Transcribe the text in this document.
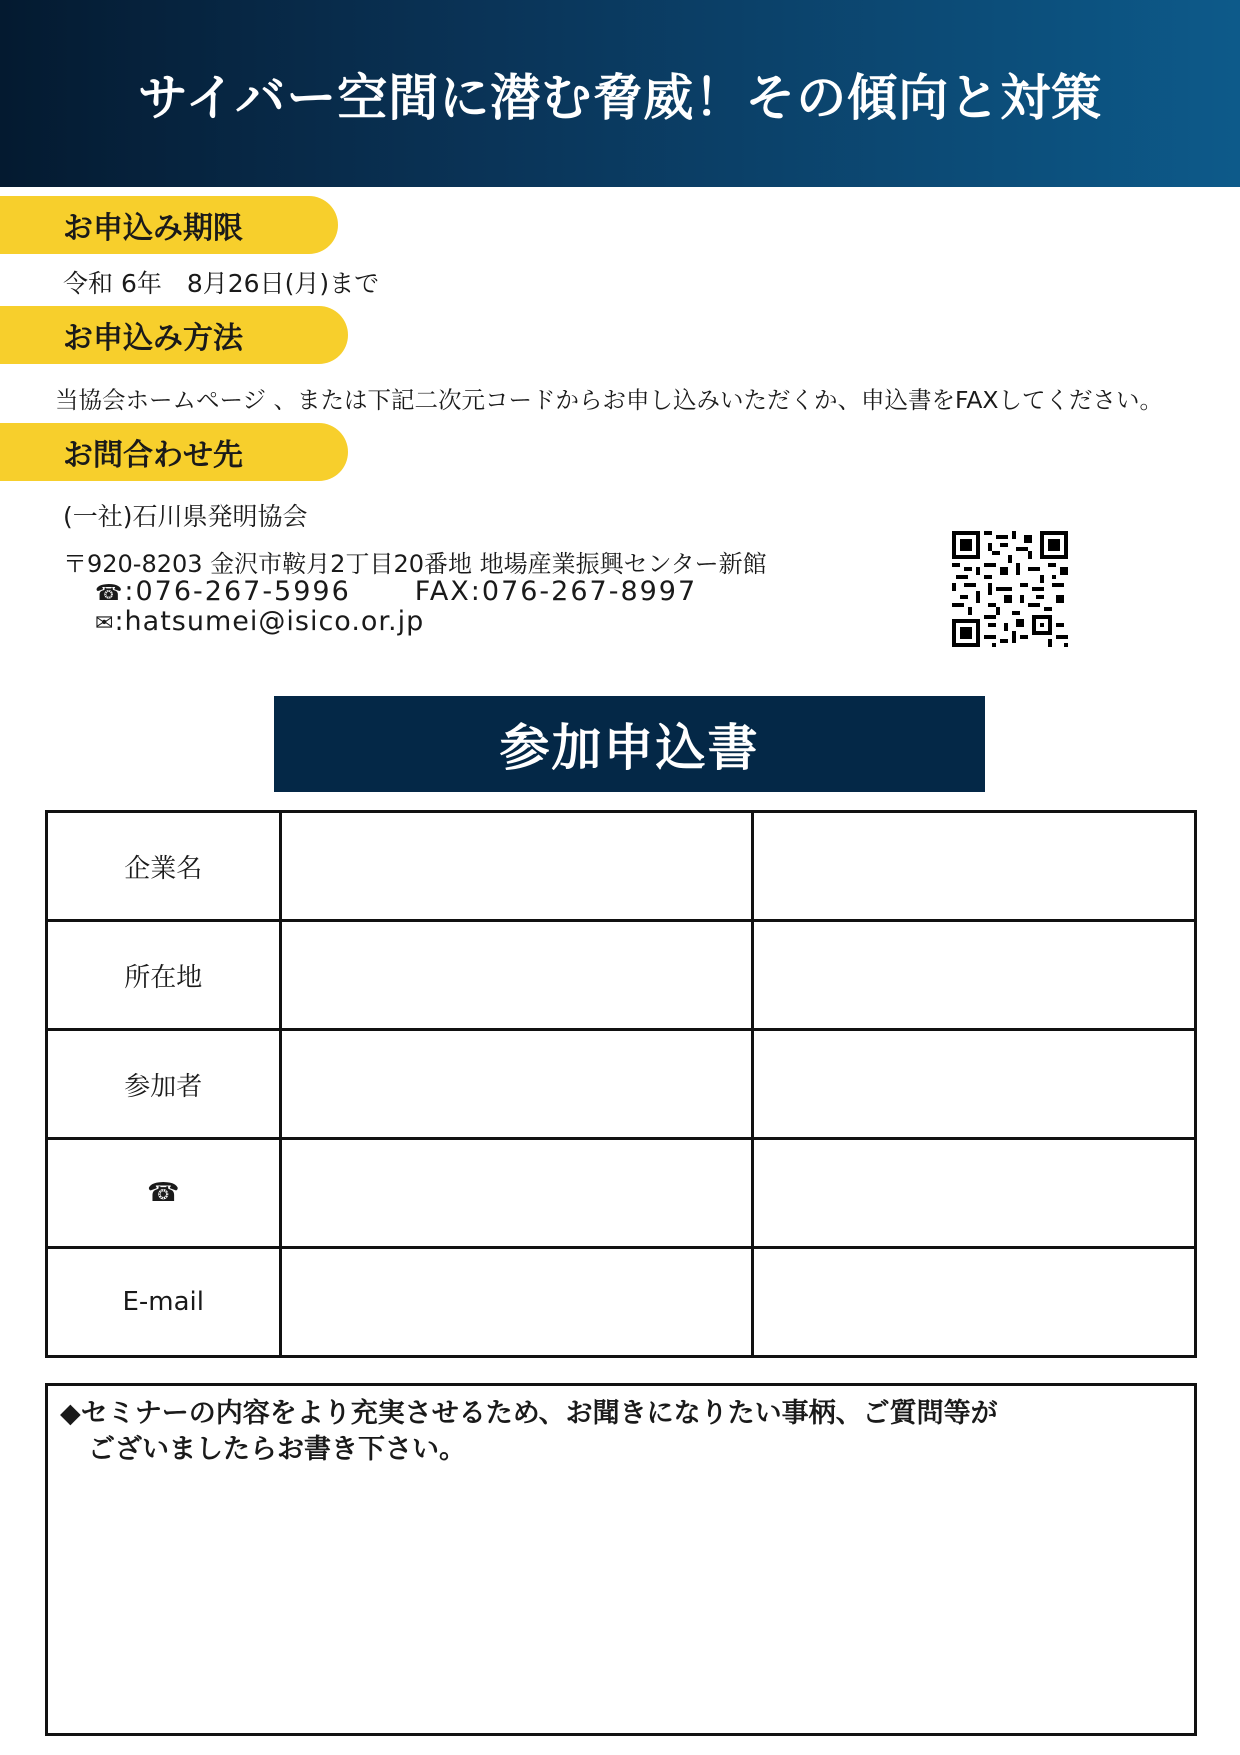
サイバー空間に潜む脅威！その傾向と対策
お申込み期限
令和 6年　8月26日(月)まで
お申込み方法
当協会ホームページ 、または下記二次元コードからお申し込みいただくか、申込書をFAXしてください。
お問合わせ先
(一社)石川県発明協会
〒920-8203 金沢市鞍月2丁目20番地 地場産業振興センター新館
☎:076-267-5996 FAX:076-267-8997
✉:hatsumei@isico.or.jp
参加申込書
企業名		
所在地		
参加者		
☎		
E-mail		
◆セミナーの内容をより充実させるため、お聞きになりたい事柄、ご質問等が
ございましたらお書き下さい。
